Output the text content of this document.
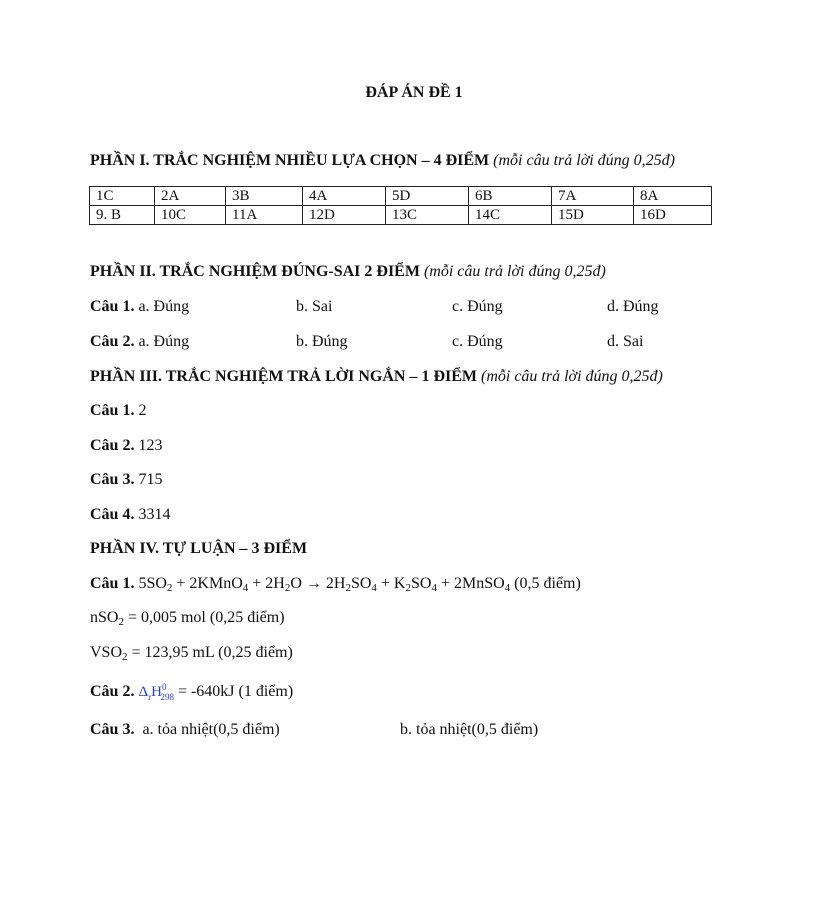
ĐÁP ÁN ĐỀ 1
PHẦN I. TRẮC NGHIỆM NHIỀU LỰA CHỌN – 4 ĐIỂM (mỗi câu trả lời đúng 0,25đ)
1C	2A	3B	4A	5D	6B	7A	8A
9. B	10C	11A	12D	13C	14C	15D	16D
PHẦN II. TRẮC NGHIỆM ĐÚNG-SAI 2 ĐIỂM (mỗi câu trả lời đúng 0,25đ)
Câu 1. a. Đúng	b. Sai	c. Đúng	d. Đúng
Câu 2. a. Đúng	b. Đúng	c. Đúng	d. Sai
PHẦN III. TRẮC NGHIỆM TRẢ LỜI NGẮN – 1 ĐIỂM (mỗi câu trả lời đúng 0,25đ)
Câu 1. 2
Câu 2. 123
Câu 3. 715
Câu 4. 3314
PHẦN IV. TỰ LUẬN – 3 ĐIỂM
Câu 1. $5SO_2$ + 2KMnO$_4$ + $2H_2O \to 2H_2SO_4 + K_2SO_4$ + 2MnSO$_4$ (0,5 điểm)
nSO$_2$ = 0,005 mol (0,25 điểm)
$VSO_2 = 123,95$ mL (0,25 điểm)
Câu 2. $\Delta_rH^0_{298} = -640kJ$ (1 điểm)
Câu 3. a. tỏa nhiệt(0,5 điểm)	b. tỏa nhiệt(0,5 điểm)
